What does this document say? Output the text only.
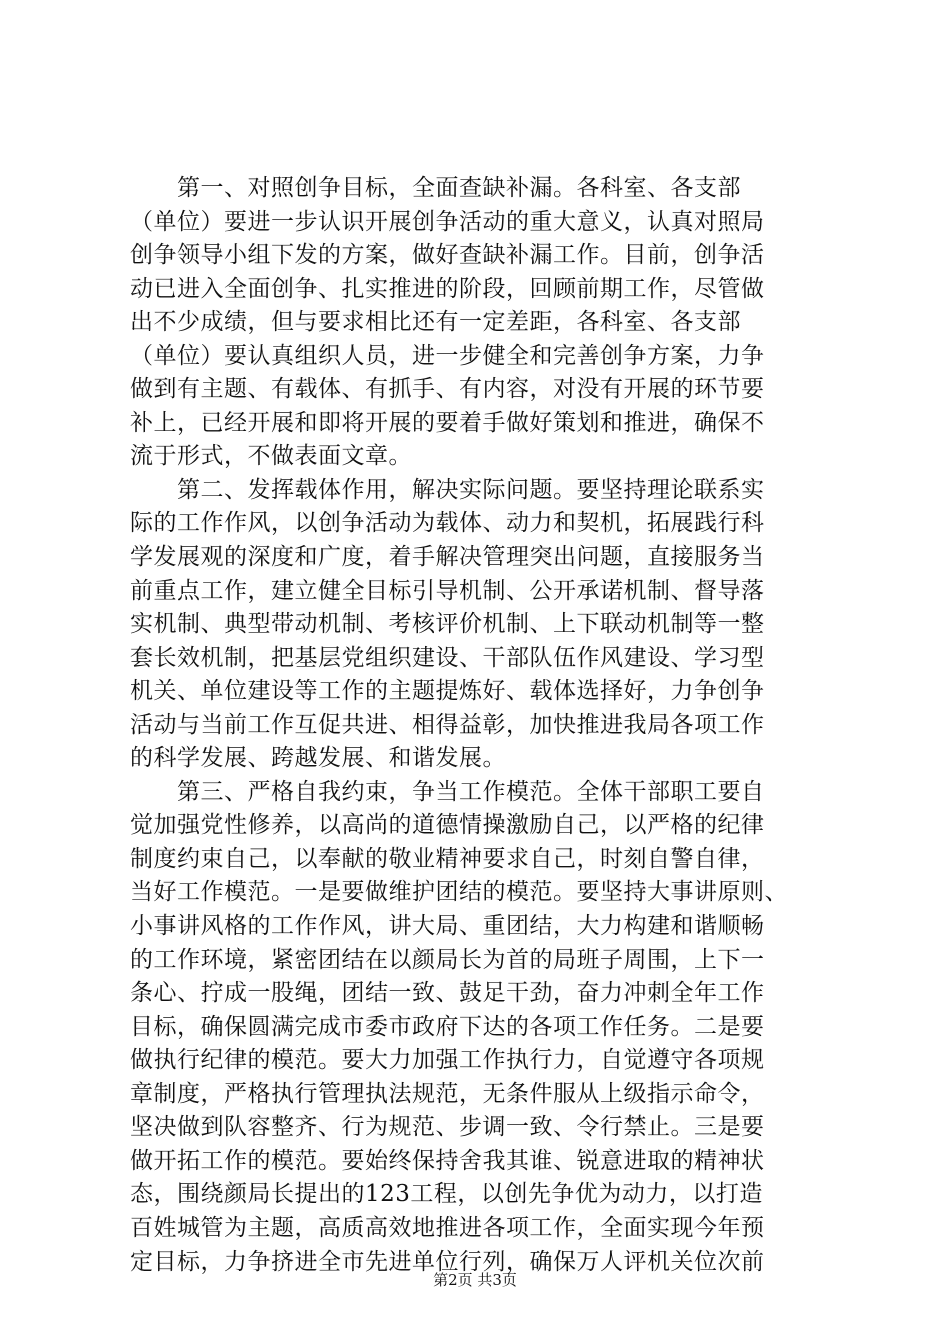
　　第一、对照创争目标，全面查缺补漏。各科室、各支部
（单位）要进一步认识开展创争活动的重大意义，认真对照局
创争领导小组下发的方案，做好查缺补漏工作。目前，创争活
动已进入全面创争、扎实推进的阶段，回顾前期工作，尽管做
出不少成绩，但与要求相比还有一定差距，各科室、各支部
（单位）要认真组织人员，进一步健全和完善创争方案，力争
做到有主题、有载体、有抓手、有内容，对没有开展的环节要
补上，已经开展和即将开展的要着手做好策划和推进，确保不
流于形式，不做表面文章。
　　第二、发挥载体作用，解决实际问题。要坚持理论联系实
际的工作作风，以创争活动为载体、动力和契机，拓展践行科
学发展观的深度和广度，着手解决管理突出问题，直接服务当
前重点工作，建立健全目标引导机制、公开承诺机制、督导落
实机制、典型带动机制、考核评价机制、上下联动机制等一整
套长效机制，把基层党组织建设、干部队伍作风建设、学习型
机关、单位建设等工作的主题提炼好、载体选择好，力争创争
活动与当前工作互促共进、相得益彰，加快推进我局各项工作
的科学发展、跨越发展、和谐发展。
　　第三、严格自我约束，争当工作模范。全体干部职工要自
觉加强党性修养，以高尚的道德情操激励自己，以严格的纪律
制度约束自己，以奉献的敬业精神要求自己，时刻自警自律，
当好工作模范。一是要做维护团结的模范。要坚持大事讲原则、
小事讲风格的工作作风，讲大局、重团结，大力构建和谐顺畅
的工作环境，紧密团结在以颜局长为首的局班子周围，上下一
条心、拧成一股绳，团结一致、鼓足干劲，奋力冲刺全年工作
目标，确保圆满完成市委市政府下达的各项工作任务。二是要
做执行纪律的模范。要大力加强工作执行力，自觉遵守各项规
章制度，严格执行管理执法规范，无条件服从上级指示命令，
坚决做到队容整齐、行为规范、步调一致、令行禁止。三是要
做开拓工作的模范。要始终保持舍我其谁、锐意进取的精神状
态，围绕颜局长提出的123工程，以创先争优为动力，以打造
百姓城管为主题，高质高效地推进各项工作，全面实现今年预
定目标，力争挤进全市先进单位行列，确保万人评机关位次前
第2页 共3页
